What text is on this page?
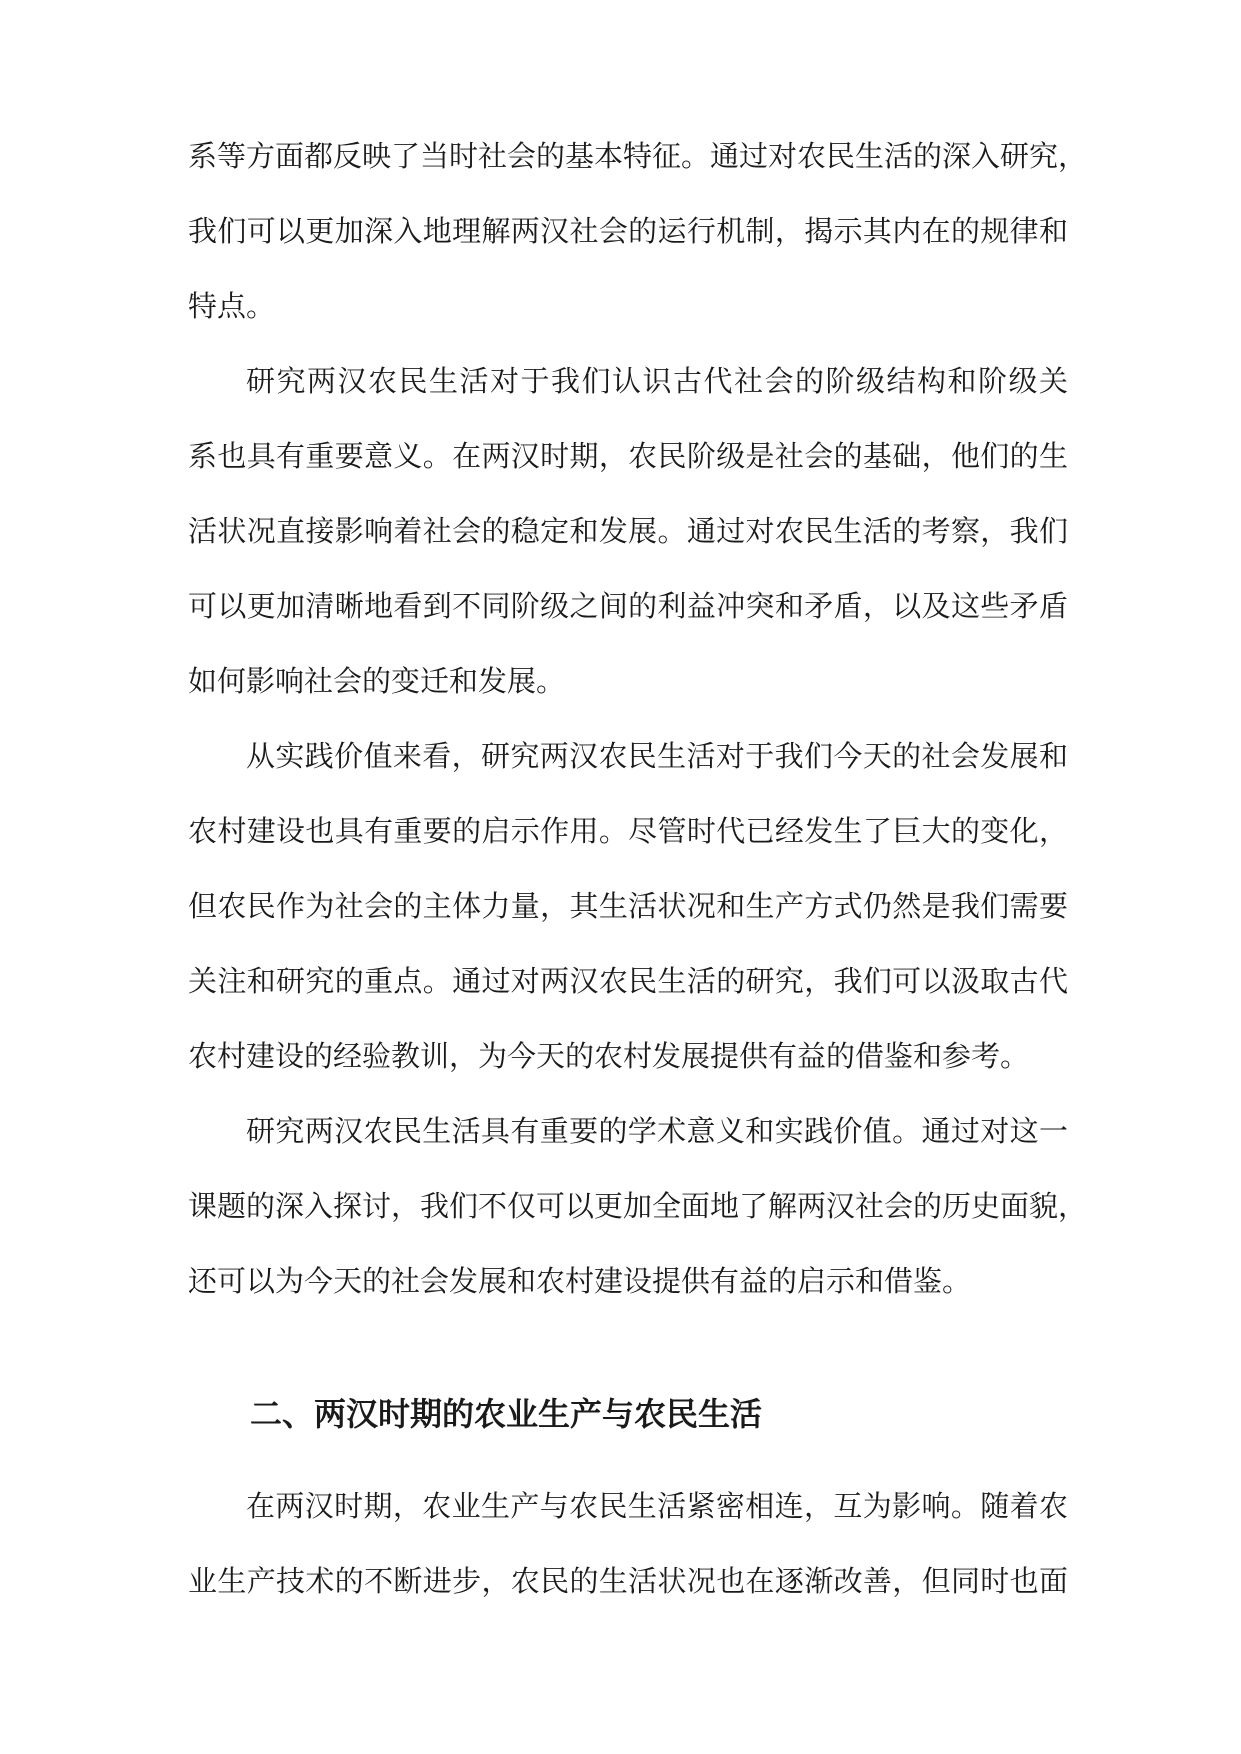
系等方面都反映了当时社会的基本特征。通过对农民生活的深入研究，
我们可以更加深入地理解两汉社会的运行机制，揭示其内在的规律和
特点。
研究两汉农民生活对于我们认识古代社会的阶级结构和阶级关
系也具有重要意义。在两汉时期，农民阶级是社会的基础，他们的生
活状况直接影响着社会的稳定和发展。通过对农民生活的考察，我们
可以更加清晰地看到不同阶级之间的利益冲突和矛盾，以及这些矛盾
如何影响社会的变迁和发展。
从实践价值来看，研究两汉农民生活对于我们今天的社会发展和
农村建设也具有重要的启示作用。尽管时代已经发生了巨大的变化，
但农民作为社会的主体力量，其生活状况和生产方式仍然是我们需要
关注和研究的重点。通过对两汉农民生活的研究，我们可以汲取古代
农村建设的经验教训，为今天的农村发展提供有益的借鉴和参考。
研究两汉农民生活具有重要的学术意义和实践价值。通过对这一
课题的深入探讨，我们不仅可以更加全面地了解两汉社会的历史面貌，
还可以为今天的社会发展和农村建设提供有益的启示和借鉴。
二、两汉时期的农业生产与农民生活
在两汉时期，农业生产与农民生活紧密相连，互为影响。随着农
业生产技术的不断进步，农民的生活状况也在逐渐改善，但同时也面
